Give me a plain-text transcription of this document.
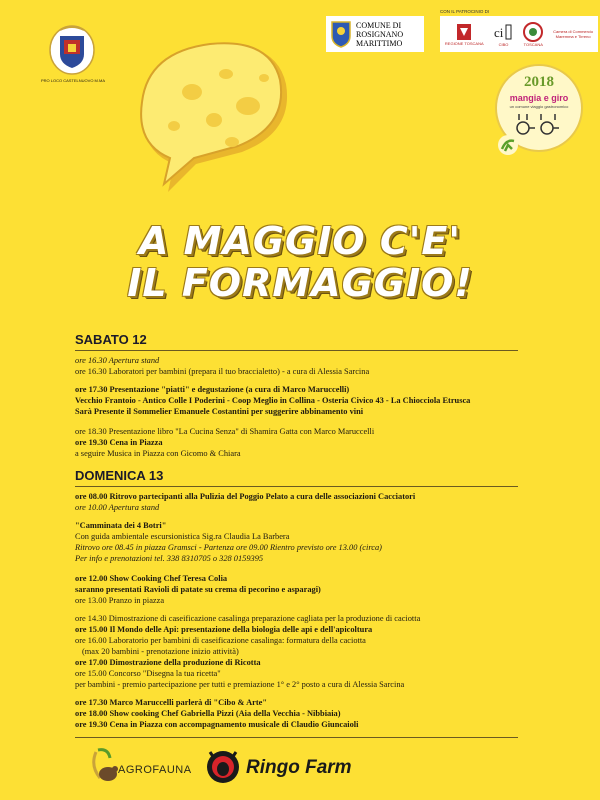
PRO LOCO CASTELNUOVO M.MA
COMUNE DI
ROSIGNANO
MARITTIMO
CON IL PATROCINIO DI
REGIONE TOSCANA
ci
CIBO	TOSCANA
Camera di Commercio Maremma e Tirreno
2018
mangia e giro
un comune viaggio gastronomico
A MAGGIO C'E'
IL FORMAGGIO!
SABATO 12
ore 16.30 Apertura stand
ore 16.30 Laboratori per bambini (prepara il tuo braccialetto) - a cura di Alessia Sarcina
ore 17.30 Presentazione "piatti" e degustazione (a cura di Marco Maruccelli)
Vecchio Frantoio - Antico Colle I Poderini - Coop Meglio in Collina - Osteria Civico 43 - La Chiocciola Etrusca
Sarà Presente il Sommelier Emanuele Costantini per suggerire abbinamento vini
ore 18.30 Presentazione libro "La Cucina Senza" di Shamira Gatta con Marco Maruccelli
ore 19.30 Cena in Piazza
a seguire Musica in Piazza con Gicomo & Chiara
DOMENICA 13
ore 08.00 Ritrovo partecipanti alla Pulizia del Poggio Pelato a cura delle associazioni Cacciatori
ore 10.00 Apertura stand
"Camminata dei 4 Botri"
Con guida ambientale escursionistica Sig.ra Claudia La Barbera
Ritrovo ore 08.45 in piazza Gramsci - Partenza ore 09.00 Rientro previsto ore 13.00 (circa)
Per info e prenotazioni tel. 338 8310705 o 328 0159395
ore 12.00 Show Cooking Chef Teresa Colia
saranno presentati Ravioli di patate su crema di pecorino e asparagi)
ore 13.00 Pranzo in piazza
ore 14.30 Dimostrazione di caseificazione casalinga preparazione cagliata per la produzione di caciotta
ore 15.00 Il Mondo delle Api: presentazione della biologia delle api e dell'apicoltura
ore 16.00 Laboratorio per bambini di caseificazione casalinga: formatura della caciotta
(max 20 bambini - prenotazione inizio attività)
ore 17.00 Dimostrazione della produzione di Ricotta
ore 15.00 Concorso "Disegna la tua ricetta"
per bambini - premio partecipazione per tutti e premiazione 1° e 2° posto a cura di Alessia Sarcina
ore 17.30 Marco Maruccelli parlerà di "Cibo & Arte"
ore 18.00 Show cooking Chef Gabriella Pizzi (Aia della Vecchia - Nibbiaia)
ore 19.30 Cena in Piazza con accompagnamento musicale di Claudio Giuncaioli
AGROFAUNA	Ringo Farm
